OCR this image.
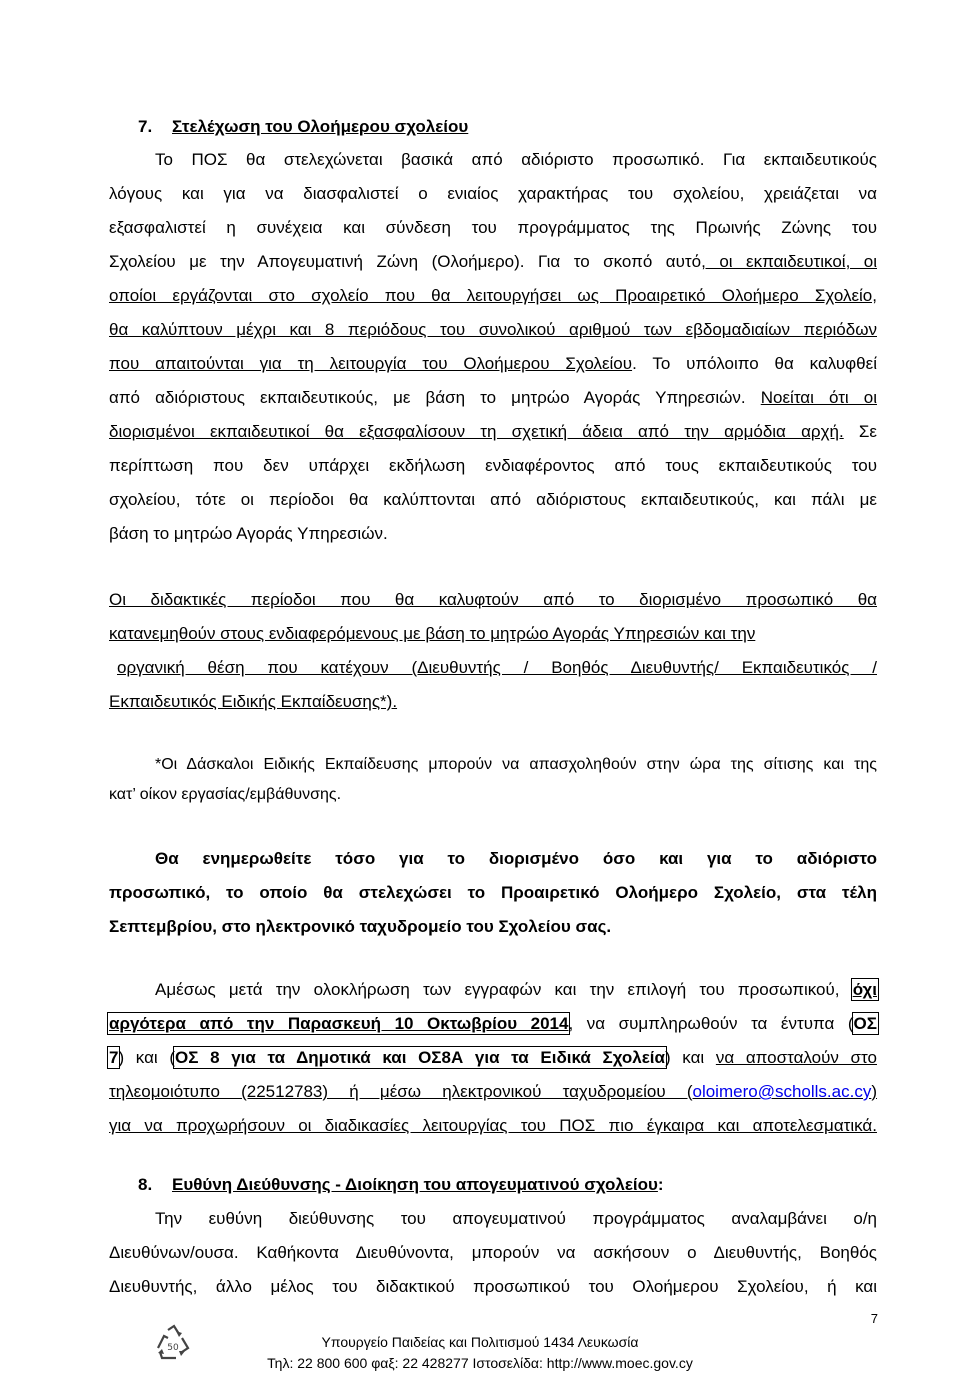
7. Στελέχωση του Ολοήμερου σχολείου
Το ΠΟΣ θα στελεχώνεται βασικά από αδιόριστο προσωπικό. Για εκπαιδευτικούς
λόγους και για να διασφαλιστεί ο ενιαίος χαρακτήρας του σχολείου, χρειάζεται να
εξασφαλιστεί η συνέχεια και σύνδεση του προγράμματος της Πρωινής Ζώνης του
Σχολείου με την Απογευματινή Ζώνη (Ολοήμερο). Για το σκοπό αυτό, οι εκπαιδευτικοί, οι
οποίοι εργάζονται στο σχολείο που θα λειτουργήσει ως Προαιρετικό Ολοήμερο Σχολείο,
θα καλύπτουν μέχρι και 8 περιόδους του συνολικού αριθμού των εβδομαδιαίων περιόδων
που απαιτούνται για τη λειτουργία του Ολοήμερου Σχολείου. Το υπόλοιπο θα καλυφθεί
από αδιόριστους εκπαιδευτικούς, με βάση το μητρώο Αγοράς Υπηρεσιών. Νοείται ότι οι
διορισμένοι εκπαιδευτικοί θα εξασφαλίσουν τη σχετική άδεια από την αρμόδια αρχή. Σε
περίπτωση που δεν υπάρχει εκδήλωση ενδιαφέροντος από τους εκπαιδευτικούς του
σχολείου, τότε οι περίοδοι θα καλύπτονται από αδιόριστους εκπαιδευτικούς, και πάλι με
βάση το μητρώο Αγοράς Υπηρεσιών.
Οι διδακτικές περίοδοι που θα καλυφτούν από το διορισμένο προσωπικό θα
κατανεμηθούν στους ενδιαφερόμενους με βάση το μητρώο Αγοράς Υπηρεσιών και την
οργανική θέση που κατέχουν (Διευθυντής / Βοηθός Διευθυντής/ Εκπαιδευτικός /
Εκπαιδευτικός Ειδικής Εκπαίδευσης*).
*Οι Δάσκαλοι Ειδικής Εκπαίδευσης μπορούν να απασχοληθούν στην ώρα της σίτισης και της
κατ’ οίκον εργασίας/εμβάθυνσης.
Θα ενημερωθείτε τόσο για το διορισμένο όσο και για το αδιόριστο
προσωπικό, το οποίο θα στελεχώσει το Προαιρετικό Ολοήμερο Σχολείο, στα τέλη
Σεπτεμβρίου, στο ηλεκτρονικό ταχυδρομείο του Σχολείου σας.
Αμέσως μετά την ολοκλήρωση των εγγραφών και την επιλογή του προσωπικού, όχι
αργότερα από την Παρασκευή 10 Οκτωβρίου 2014, να συμπληρωθούν τα έντυπα (ΟΣ
7) και (ΟΣ 8 για τα Δημοτικά και ΟΣ8Α για τα Ειδικά Σχολεία) και να αποσταλούν στο
τηλεομοιότυπο (22512783) ή μέσω ηλεκτρονικού ταχυδρομείου (oloimero@scholls.ac.cy)
για να προχωρήσουν οι διαδικασίες λειτουργίας του ΠΟΣ πιο έγκαιρα και αποτελεσματικά.
8. Ευθύνη Διεύθυνσης - Διοίκηση του απογευματινού σχολείου:
Την ευθύνη διεύθυνσης του απογευματινού προγράμματος αναλαμβάνει ο/η
Διευθύνων/ουσα. Καθήκοντα Διευθύνοντα, μπορούν να ασκήσουν ο Διευθυντής, Βοηθός
Διευθυντής, άλλο μέλος του διδακτικού προσωπικού του Ολοήμερου Σχολείου, ή και
7
50	Υπουργείο Παιδείας και Πολιτισμού 1434 Λευκωσία
Τηλ: 22 800 600 φαξ: 22 428277 Ιστοσελίδα: http://www.moec.gov.cy
